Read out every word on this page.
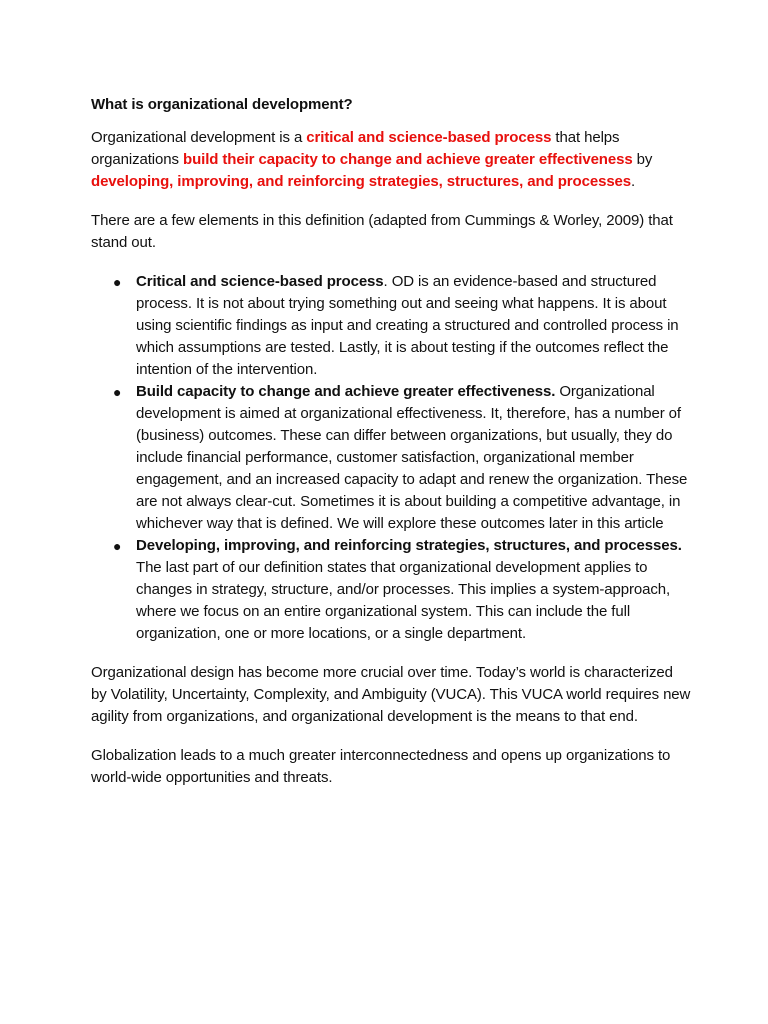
What is organizational development?

Organizational development is a critical and science-based process that helps organizations build their capacity to change and achieve greater effectiveness by developing, improving, and reinforcing strategies, structures, and processes.

There are a few elements in this definition (adapted from Cummings & Worley, 2009) that stand out.

● Critical and science-based process. OD is an evidence-based and structured process. It is not about trying something out and seeing what happens. It is about using scientific findings as input and creating a structured and controlled process in which assumptions are tested. Lastly, it is about testing if the outcomes reflect the intention of the intervention.
● Build capacity to change and achieve greater effectiveness. Organizational development is aimed at organizational effectiveness. It, therefore, has a number of (business) outcomes. These can differ between organizations, but usually, they do include financial performance, customer satisfaction, organizational member engagement, and an increased capacity to adapt and renew the organization. These are not always clear-cut. Sometimes it is about building a competitive advantage, in whichever way that is defined. We will explore these outcomes later in this article
● Developing, improving, and reinforcing strategies, structures, and processes. The last part of our definition states that organizational development applies to changes in strategy, structure, and/or processes. This implies a system-approach, where we focus on an entire organizational system. This can include the full organization, one or more locations, or a single department.

Organizational design has become more crucial over time. Today’s world is characterized by Volatility, Uncertainty, Complexity, and Ambiguity (VUCA). This VUCA world requires new agility from organizations, and organizational development is the means to that end.

Globalization leads to a much greater interconnectedness and opens up organizations to world-wide opportunities and threats.
